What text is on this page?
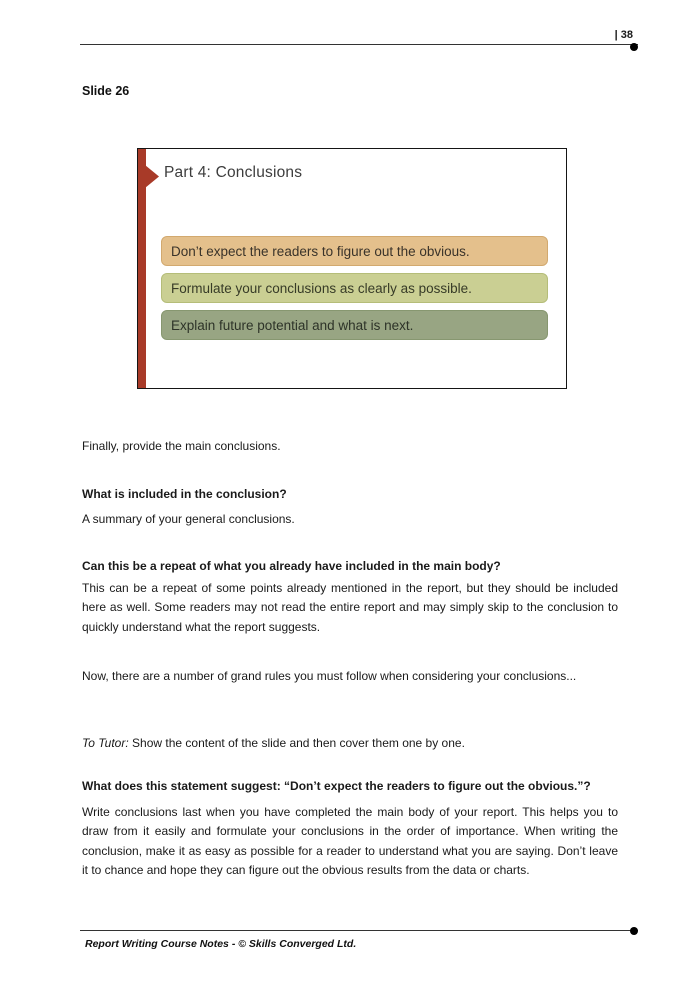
| 38
Slide 26
Part 4: Conclusions
Don’t expect the readers to figure out the obvious.
Formulate your conclusions as clearly as possible.
Explain future potential and what is next.
Finally, provide the main conclusions.
What is included in the conclusion?
A summary of your general conclusions.
Can this be a repeat of what you already have included in the main body?
This can be a repeat of some points already mentioned in the report, but they should be included here as well. Some readers may not read the entire report and may simply skip to the conclusion to quickly understand what the report suggests.
Now, there are a number of grand rules you must follow when considering your conclusions...
To Tutor: Show the content of the slide and then cover them one by one.
What does this statement suggest: “Don’t expect the readers to figure out the obvious.”?
Write conclusions last when you have completed the main body of your report. This helps you to draw from it easily and formulate your conclusions in the order of importance. When writing the conclusion, make it as easy as possible for a reader to understand what you are saying. Don’t leave it to chance and hope they can figure out the obvious results from the data or charts.
Report Writing Course Notes - © Skills Converged Ltd.
